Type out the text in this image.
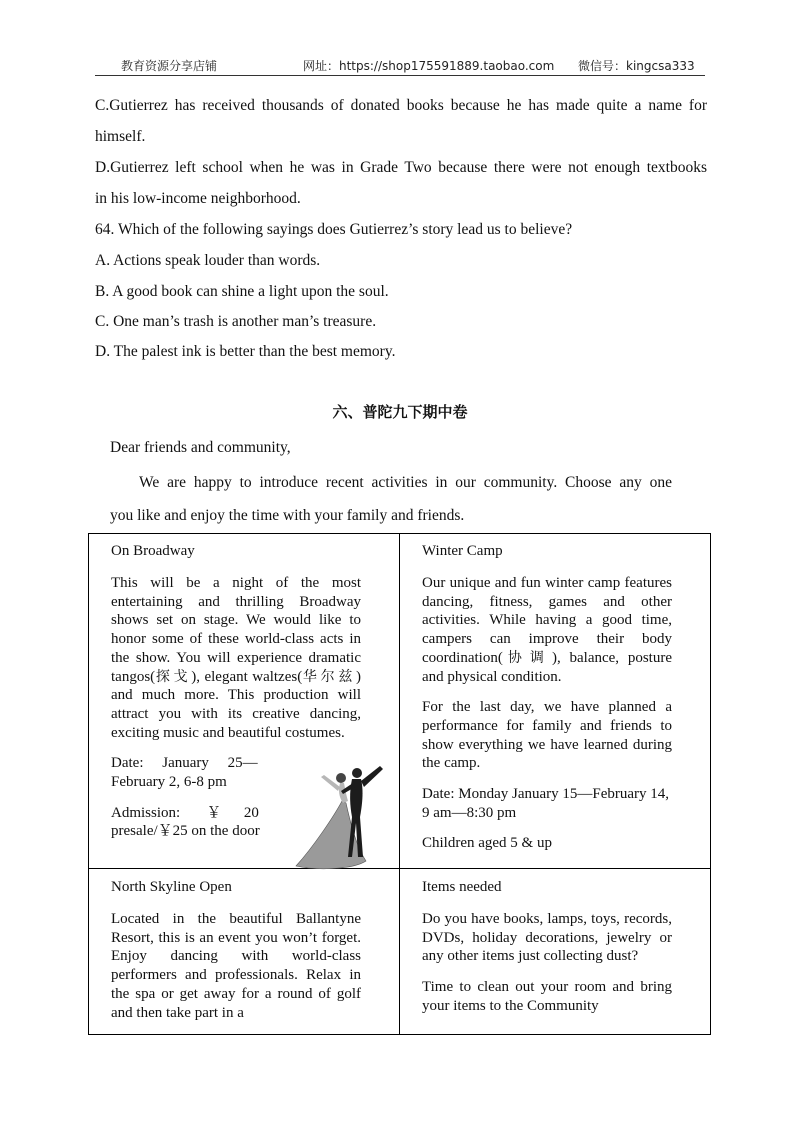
教育资源分享店铺	网址：https://shop175591889.taobao.com 微信号：kingcsa333

C.Gutierrez has received thousands of donated books because he has made quite a name for

himself.

D.Gutierrez left school when he was in Grade Two because there were not enough textbooks

in his low-income neighborhood.

64. Which of the following sayings does Gutierrez’s story lead us to believe?

A. Actions speak louder than words.

B. A good book can shine a light upon the soul.

C. One man’s trash is another man’s treasure.

D. The palest ink is better than the best memory.

六、普陀九下期中卷

Dear friends and community,

We are happy to introduce recent activities in our community. Choose any one

you like and enjoy the time with your family and friends.

On Broadway

This will be a night of the most entertaining and thrilling Broadway shows set on stage. We would like to honor some of these world-class acts in the show. You will experience dramatic tangos(探戈), elegant waltzes(华尔兹) and much more. This production will attract you with its creative dancing, exciting music and beautiful costumes.

Date:     January     25—
February 2, 6-8 pm
Admission:       ￥      20
presale/￥25 on the door
Winter Camp

Our unique and fun winter camp features dancing, fitness, games and other activities. While having a good time, campers can improve their body coordination(协调), balance, posture and physical condition.

For the last day, we have planned a performance for family and friends to show everything we have learned during the camp.

Date: Monday January 15—February 14, 9 am—8:30 pm

Children aged 5 & up

North Skyline Open

Located in the beautiful Ballantyne Resort, this is an event you won’t forget. Enjoy dancing with world-class performers and professionals. Relax in the spa or get away for a round of golf and then take part in a

Items needed

Do you have books, lamps, toys, records, DVDs, holiday decorations, jewelry or any other items just collecting dust?

Time to clean out your room and bring your items to the Community
